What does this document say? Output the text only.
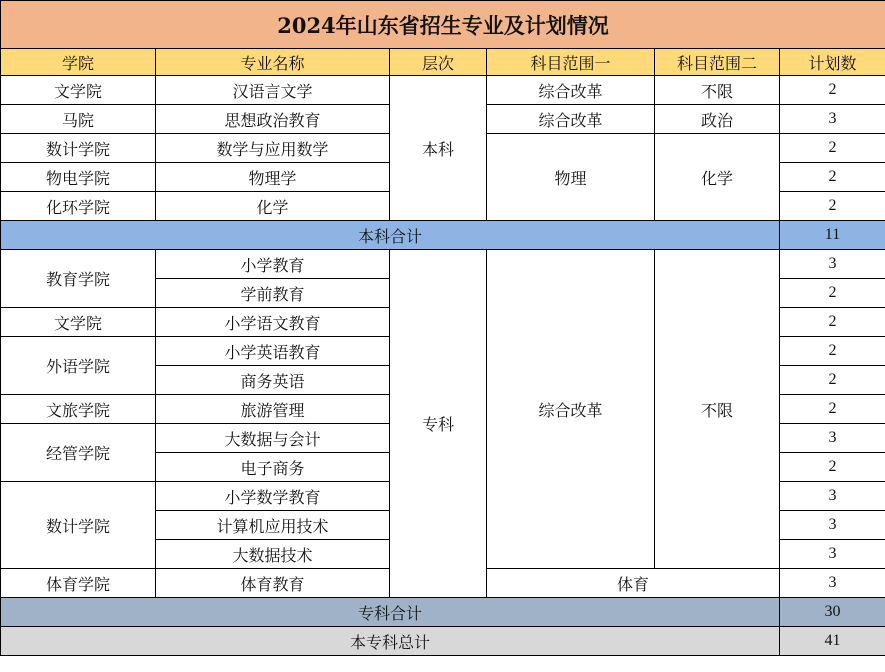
2024年山东省招生专业及计划情况					
学院	专业名称	层次	科目范围一	科目范围二	计划数
文学院	汉语言文学	本科	综合改革	不限	2
马院	思想政治教育		综合改革	政治	3
数计学院	数学与应用数学		物理	化学	2
物电学院	物理学				2
化环学院	化学				2
本科合计					11
教育学院	小学教育	专科	综合改革	不限	3
	学前教育				2
文学院	小学语文教育				2
外语学院	小学英语教育				2
	商务英语				2
文旅学院	旅游管理				2
经管学院	大数据与会计				3
	电子商务				2
数计学院	小学数学教育				3
	计算机应用技术				3
	大数据技术				3
体育学院	体育教育		体育		3
专科合计					30
本专科总计					41
